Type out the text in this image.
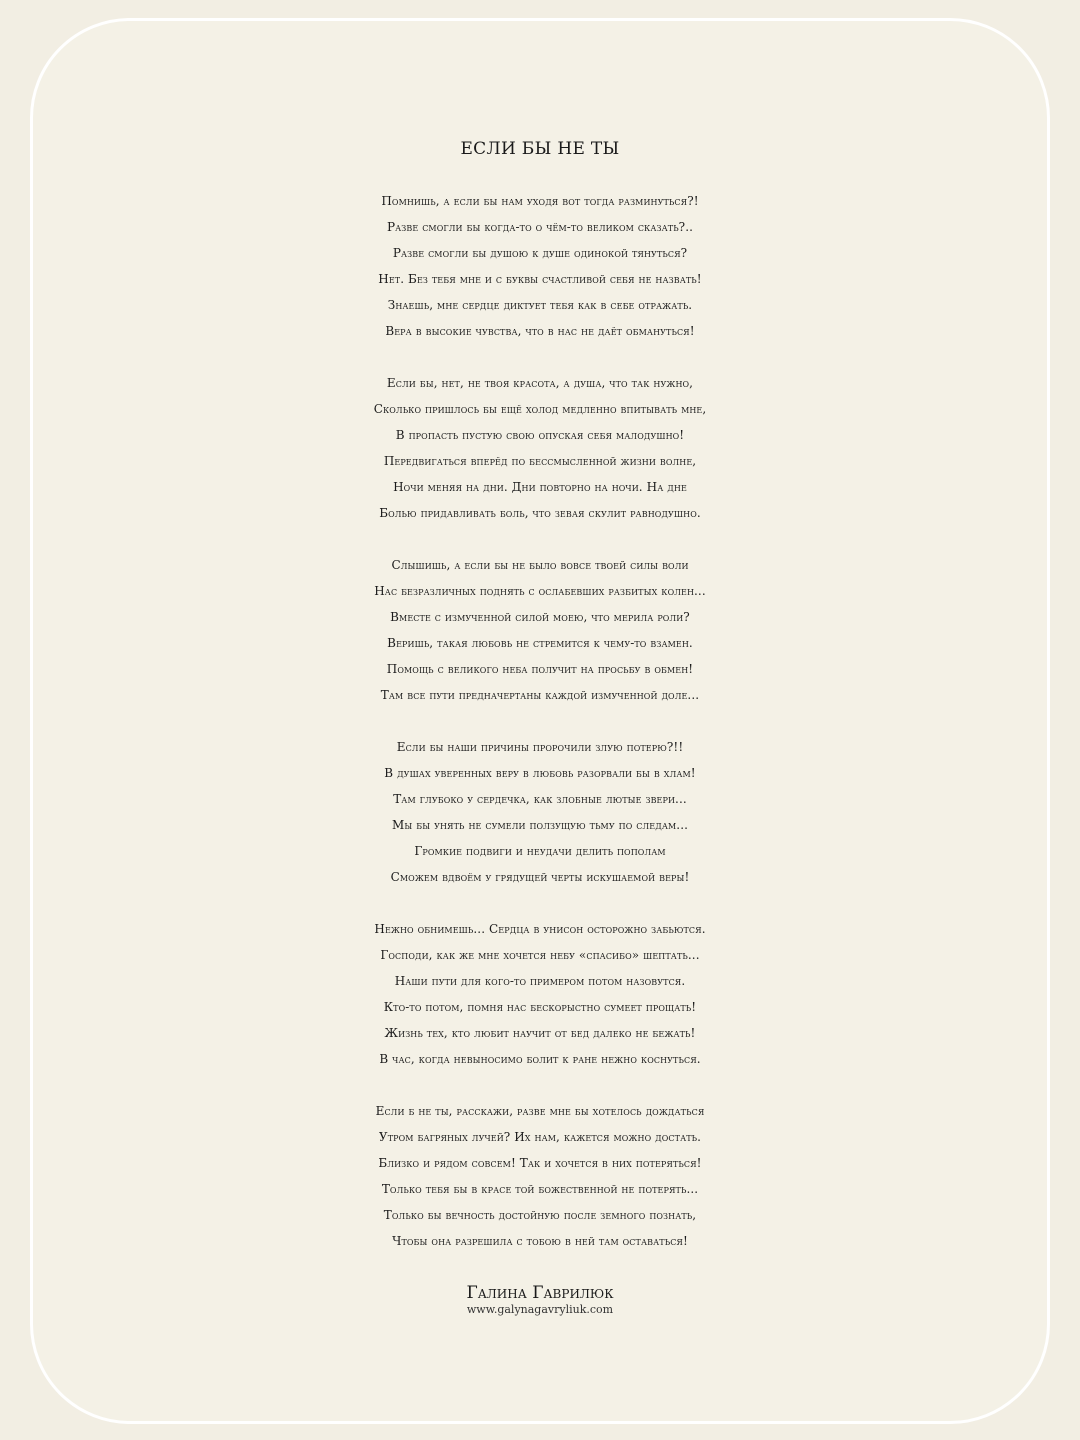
ЕСЛИ БЫ НЕ ТЫ
Помнишь, а если бы нам уходя вот тогда разминуться?!
Разве смогли бы когда-то о чём-то великом сказать?..
Разве смогли бы душою к душе одинокой тянуться?
Нет. Без тебя мне и с буквы счастливой себя не назвать!
Знаешь, мне сердце диктует тебя как в себе отражать.
Вера в высокие чувства, что в нас не даёт обмануться!
Если бы, нет, не твоя красота, а душа, что так нужно,
Сколько пришлось бы ещё холод медленно впитывать мне,
В пропасть пустую свою опуская себя малодушно!
Передвигаться вперёд по бессмысленной жизни волне,
Ночи меняя на дни. Дни повторно на ночи. На дне
Болью придавливать боль, что зевая скулит равнодушно.
Слышишь, а если бы не было вовсе твоей силы воли
Нас безразличных поднять с ослабевших разбитых колен...
Вместе с измученной силой моею, что мерила роли?
Веришь, такая любовь не стремится к чему-то взамен.
Помощь с великого неба получит на просьбу в обмен!
Там все пути предначертаны каждой измученной доле...
Если бы наши причины пророчили злую потерю?!!
В душах уверенных веру в любовь разорвали бы в хлам!
Там глубоко у сердечка, как злобные лютые звери...
Мы бы унять не сумели ползущую тьму по следам...
Громкие подвиги и неудачи делить пополам
Сможем вдвоём у грядущей черты искушаемой веры!
Нежно обнимешь... Сердца в унисон осторожно забьются.
Господи, как же мне хочется небу «спасибо» шептать...
Наши пути для кого-то примером потом назовутся.
Кто-то потом, помня нас бескорыстно сумеет прощать!
Жизнь тех, кто любит научит от бед далеко не бежать!
В час, когда невыносимо болит к ране нежно коснуться.
Если б не ты, расскажи, разве мне бы хотелось дождаться
Утром багряных лучей? Их нам, кажется можно достать.
Близко и рядом совсем! Так и хочется в них потеряться!
Только тебя бы в красе той божественной не потерять...
Только бы вечность достойную после земного познать,
Чтобы она разрешила с тобою в ней там оставаться!
Галина Гаврилюк
www.galynagavryliuk.com
